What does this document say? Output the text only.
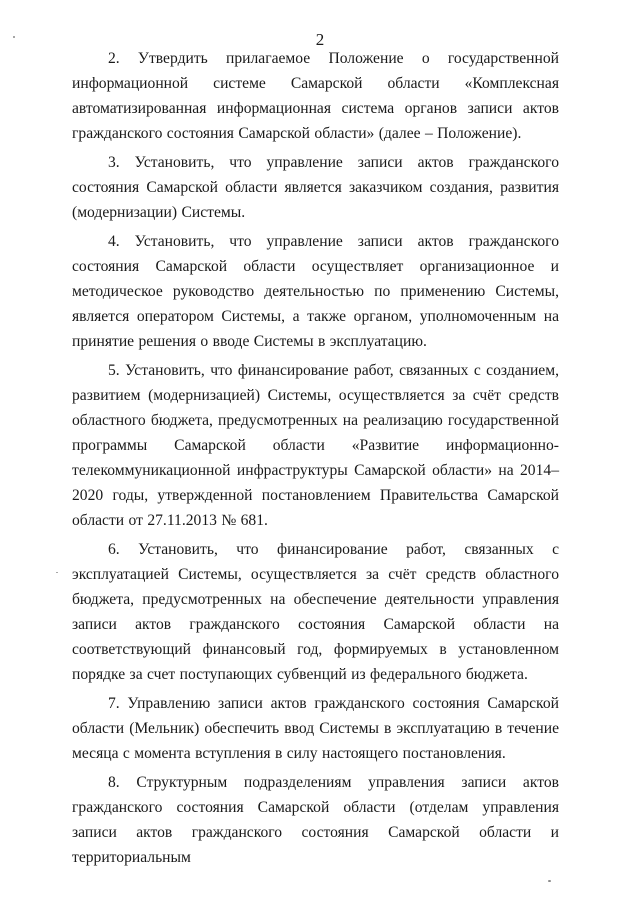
2

2. Утвердить прилагаемое Положение о государственной информационной системе Самарской области «Комплексная автоматизированная информационная система органов записи актов гражданского состояния Самарской области» (далее – Положение).

3. Установить, что управление записи актов гражданского состояния Самарской области является заказчиком создания, развития (модернизации) Системы.

4. Установить, что управление записи актов гражданского состояния Самарской области осуществляет организационное и методическое руководство деятельностью по применению Системы, является оператором Системы, а также органом, уполномоченным на принятие решения о вводе Системы в эксплуатацию.

5. Установить, что финансирование работ, связанных с созданием, развитием (модернизацией) Системы, осуществляется за счёт средств областного бюджета, предусмотренных на реализацию государственной программы Самарской области «Развитие информационно-телекоммуникационной инфраструктуры Самарской области» на 2014–2020 годы, утвержденной постановлением Правительства Самарской области от 27.11.2013 № 681.

6. Установить, что финансирование работ, связанных с эксплуатацией Системы, осуществляется за счёт средств областного бюджета, предусмотренных на обеспечение деятельности управления записи актов гражданского состояния Самарской области на соответствующий финансовый год, формируемых в установленном порядке за счет поступающих субвенций из федерального бюджета.

7. Управлению записи актов гражданского состояния Самарской области (Мельник) обеспечить ввод Системы в эксплуатацию в течение месяца с момента вступления в силу настоящего постановления.

8. Структурным подразделениям управления записи актов гражданского состояния Самарской области (отделам управления записи актов гражданского состояния Самарской области и территориальным
